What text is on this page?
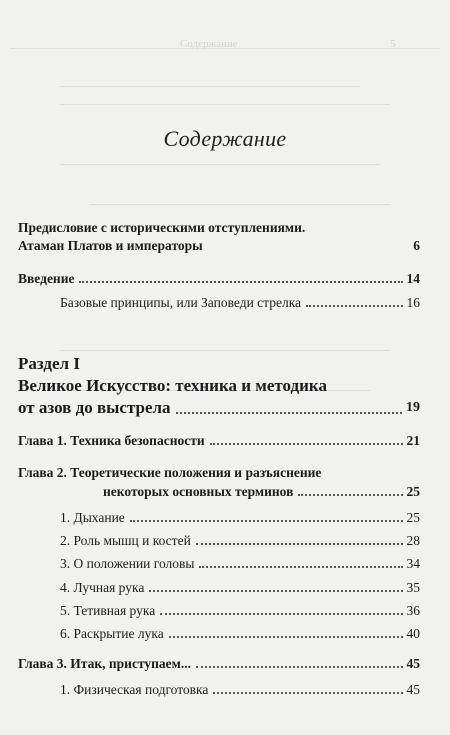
Содержание	5
Содержание
Предисловие с историческими отступлениями.
Атаман Платов и императоры	6
Введение	14
Базовые принципы, или Заповеди стрелка	16
Раздел I
Великое Искусство: техника и методика
от азов до выстрела	19
Глава 1. Техника безопасности	21
Глава 2. Теоретические положения и разъяснение
некоторых основных терминов	25
1. Дыхание	25
2. Роль мышц и костей	28
3. О положении головы	34
4. Лучная рука	35
5. Тетивная рука	36
6. Раскрытие лука	40
Глава 3. Итак, приступаем...	45
1. Физическая подготовка	45
